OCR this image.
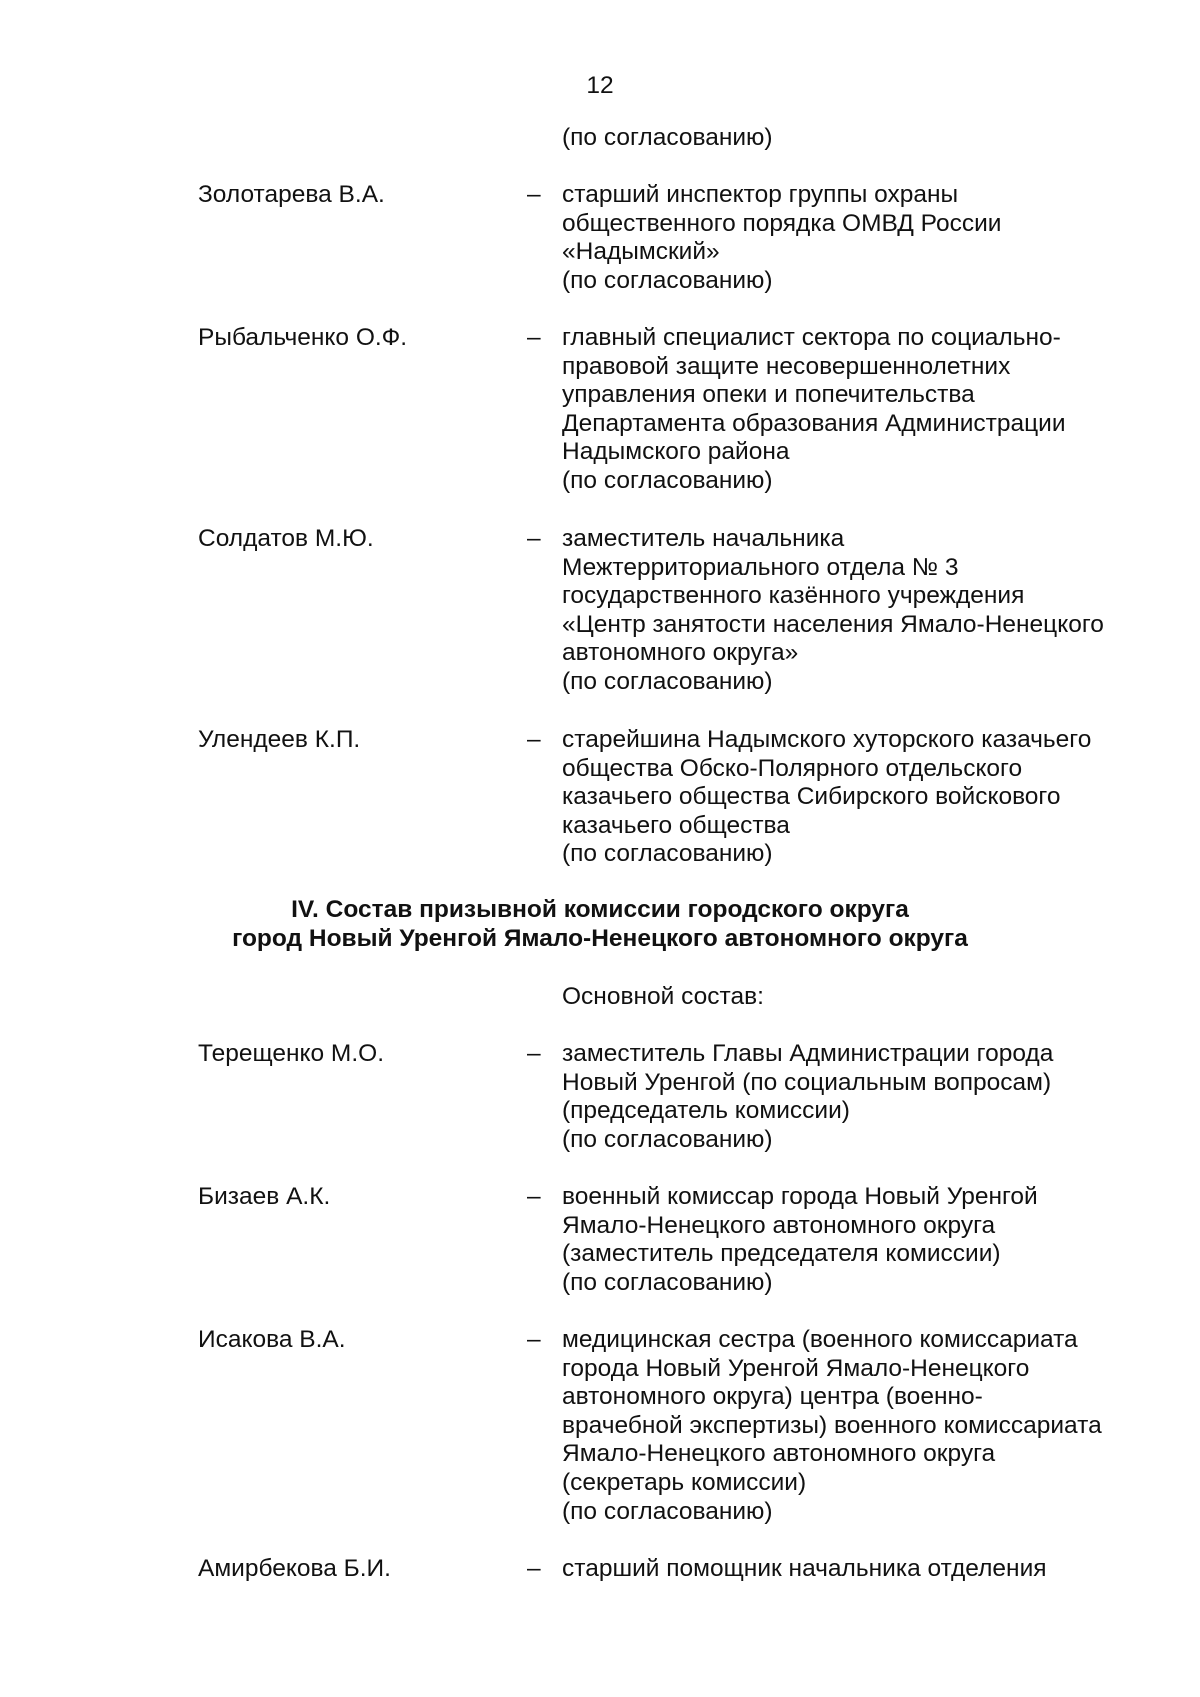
12
(по согласованию)
Золотарева В.А.	– старший инспектор группы охраны
общественного порядка ОМВД России
«Надымский»
(по согласованию)
Рыбальченко О.Ф.	– главный специалист сектора по социально-
правовой защите несовершеннолетних
управления опеки и попечительства
Департамента образования Администрации
Надымского района
(по согласованию)
Солдатов М.Ю.	– заместитель начальника
Межтерриториального отдела № 3
государственного казённого учреждения
«Центр занятости населения Ямало-Ненецкого
автономного округа»
(по согласованию)
Улендеев К.П.	– старейшина Надымского хуторского казачьего
общества Обско-Полярного отдельского
казачьего общества Сибирского войскового
казачьего общества
(по согласованию)
IV. Состав призывной комиссии городского округа
город Новый Уренгой Ямало-Ненецкого автономного округа
Основной состав:
Терещенко М.О.	– заместитель Главы Администрации города
Новый Уренгой (по социальным вопросам)
(председатель комиссии)
(по согласованию)
Бизаев А.К.	– военный комиссар города Новый Уренгой
Ямало-Ненецкого автономного округа
(заместитель председателя комиссии)
(по согласованию)
Исакова В.А.	– медицинская сестра (военного комиссариата
города Новый Уренгой Ямало-Ненецкого
автономного округа) центра (военно-
врачебной экспертизы) военного комиссариата
Ямало-Ненецкого автономного округа
(секретарь комиссии)
(по согласованию)
Амирбекова Б.И.	– старший помощник начальника отделения
